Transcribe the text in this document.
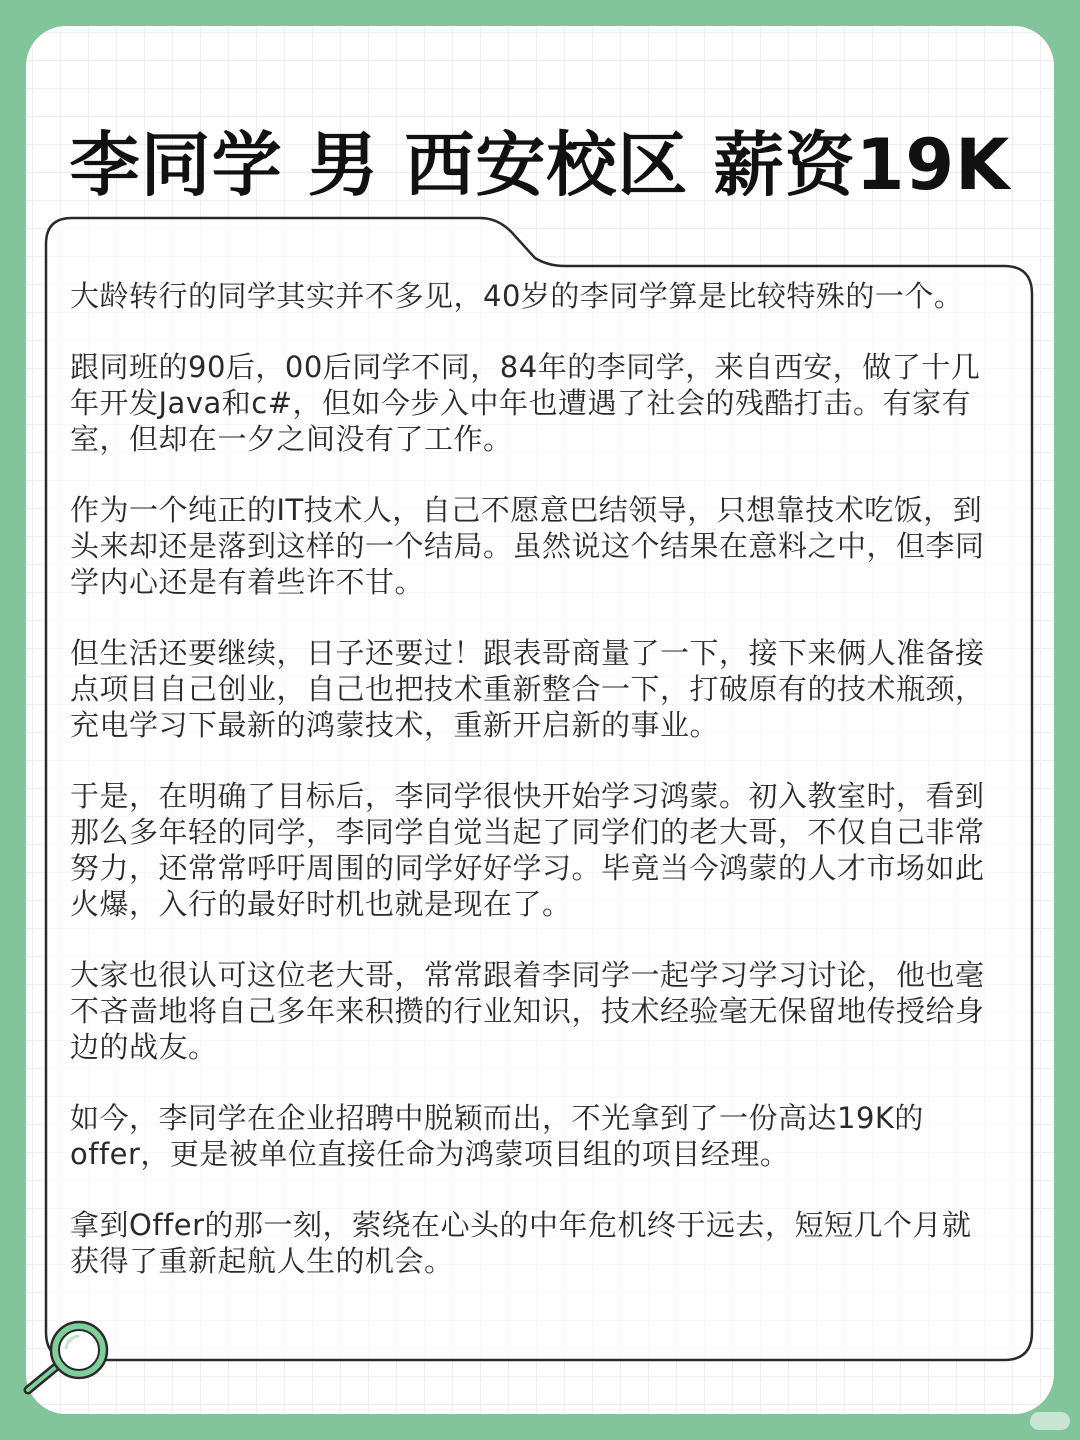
李同学 男 西安校区 薪资19K

大龄转行的同学其实并不多见，40岁的李同学算是比较特殊的一个。

跟同班的90后，00后同学不同，84年的李同学，来自西安，做了十几年开发Java和c#，但如今步入中年也遭遇了社会的残酷打击。有家有室，但却在一夕之间没有了工作。

作为一个纯正的IT技术人，自己不愿意巴结领导，只想靠技术吃饭，到头来却还是落到这样的一个结局。虽然说这个结果在意料之中，但李同学内心还是有着些许不甘。

但生活还要继续，日子还要过！跟表哥商量了一下，接下来俩人准备接点项目自己创业，自己也把技术重新整合一下，打破原有的技术瓶颈，充电学习下最新的鸿蒙技术，重新开启新的事业。

于是，在明确了目标后，李同学很快开始学习鸿蒙。初入教室时，看到那么多年轻的同学，李同学自觉当起了同学们的老大哥，不仅自己非常努力，还常常呼吁周围的同学好好学习。毕竟当今鸿蒙的人才市场如此火爆，入行的最好时机也就是现在了。

大家也很认可这位老大哥，常常跟着李同学一起学习学习讨论，他也毫不吝啬地将自己多年来积攒的行业知识，技术经验毫无保留地传授给身边的战友。

如今，李同学在企业招聘中脱颖而出，不光拿到了一份高达19K的offer，更是被单位直接任命为鸿蒙项目组的项目经理。

拿到Offer的那一刻，萦绕在心头的中年危机终于远去，短短几个月就获得了重新起航人生的机会。
